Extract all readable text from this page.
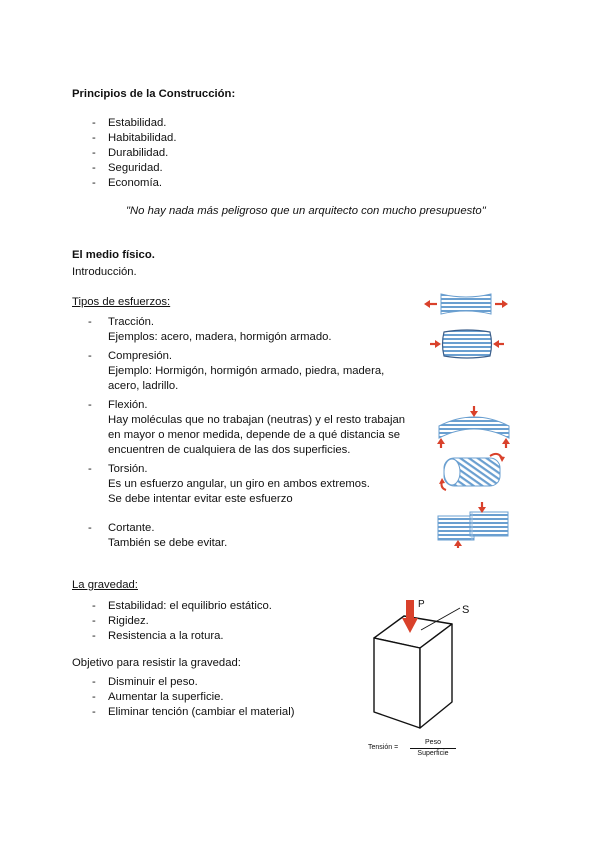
Principios de la Construcción:
- Estabilidad.
- Habitabilidad.
- Durabilidad.
- Seguridad.
- Economía.
"No hay nada más peligroso que un arquitecto con mucho presupuesto"
El medio físico.
Introducción.
Tipos de esfuerzos:
- Tracción.
Ejemplos: acero, madera, hormigón armado.
- Compresión.
Ejemplo: Hormigón, hormigón armado, piedra, madera,
acero, ladrillo.
- Flexión.
Hay moléculas que no trabajan (neutras) y el resto trabajan
en mayor o menor medida, depende de a qué distancia se
encuentren de cualquiera de las dos superficies.
- Torsión.
Es un esfuerzo angular, un giro en ambos extremos.
Se debe intentar evitar este esfuerzo
- Cortante.
También se debe evitar.
La gravedad:
- Estabilidad: el equilibrio estático.
- Rigidez.
- Resistencia a la rotura.
Objetivo para resistir la gravedad:
- Disminuir el peso.
- Aumentar la superficie.
- Eliminar tención (cambiar el material)
P	S
Tensión =
Peso
Superficie
